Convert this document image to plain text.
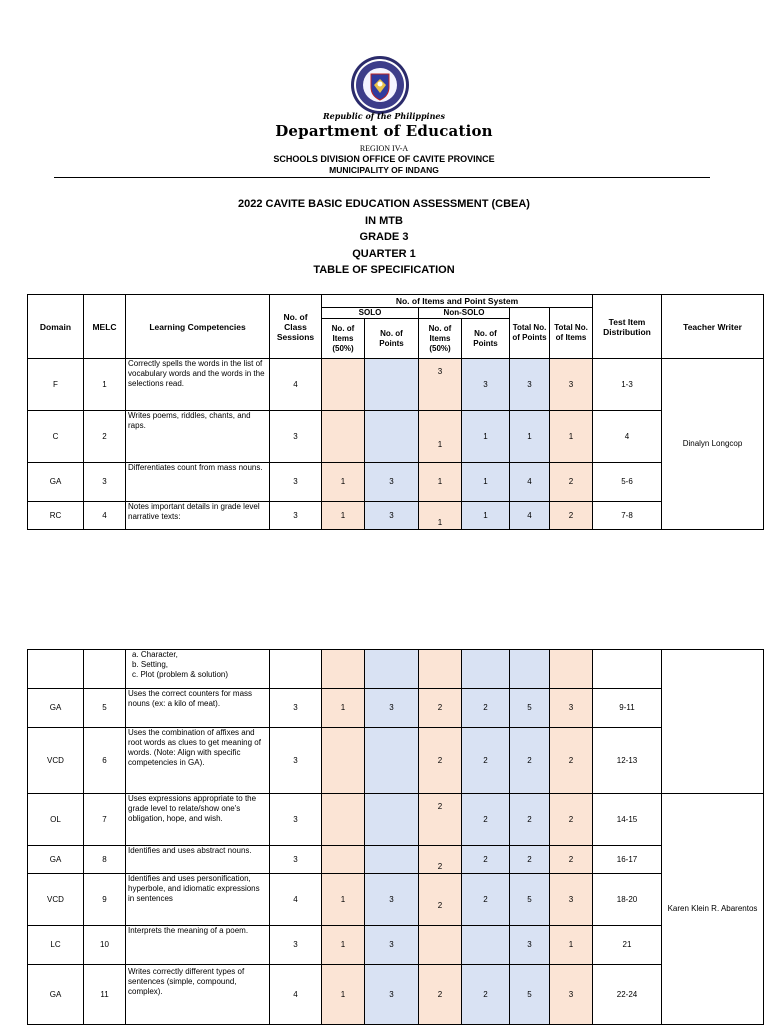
Republic of the Philippines
Department of Education
REGION IV-A
SCHOOLS DIVISION OFFICE OF CAVITE PROVINCE
MUNICIPALITY OF INDANG
2022 CAVITE BASIC EDUCATION ASSESSMENT (CBEA)
IN MTB
GRADE 3
QUARTER 1
TABLE OF SPECIFICATION
Domain	MELC	Learning Competencies	No. of Class Sessions	No. of Items and Point System						Test Item Distribution	Teacher Writer
				SOLO		Non-SOLO		Total No. of Points	Total No. of Items		
				No. of Items (50%)	No. of Points	No. of Items (50%)	No. of Points				
F	1	Correctly spells the words in the list of vocabulary words and the words in the selections read.	4			3	3	3	3	1-3	Dinalyn Longcop
C	2	Writes poems, riddles, chants, and raps.	3			1	1	1	1	4	
GA	3	Differentiates count from mass nouns.	3	1	3	1	1	4	2	5-6	
RC	4	Notes important details in grade level narrative texts:	3	1	3	1	1	4	2	7-8	

		a. Character,
b. Setting,
c. Plot (problem & solution)									

GA	5	Uses the correct counters for mass nouns (ex: a kilo of meat).	3	1	3	2	2	5	3	9-11	
VCD	6	Uses the combination of affixes and root words as clues to get meaning of words. (Note: Align with specific competencies in GA).	3			2	2	2	2	12-13	
OL	7	Uses expressions appropriate to the grade level to relate/show one's obligation, hope, and wish.	3			2	2	2	2	14-15	Karen Klein R. Abarentos
GA	8	Identifies and uses abstract nouns.	3			2	2	2	2	16-17	
VCD	9	Identifies and uses personification, hyperbole, and idiomatic expressions in sentences	4	1	3	2	2	5	3	18-20	
LC	10	Interprets the meaning of a poem.	3	1	3			3	1	21	
GA	11	Writes correctly different types of sentences (simple, compound, complex).	4	1	3	2	2	5	3	22-24	
